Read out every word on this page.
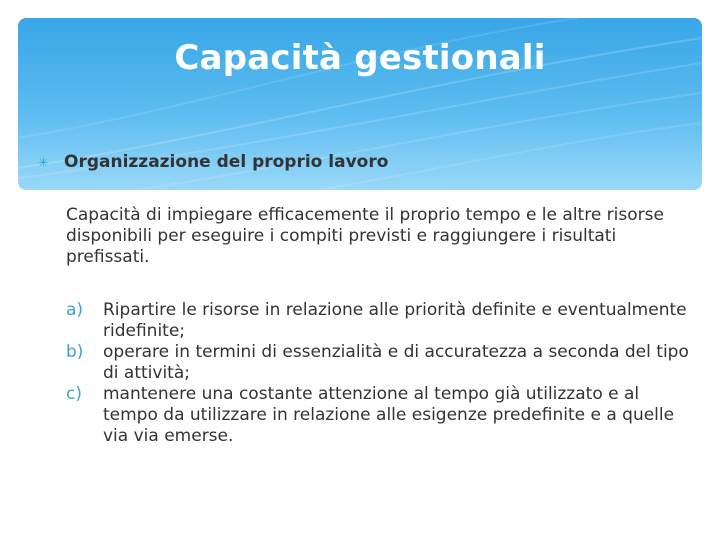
Capacità gestionali
✳ Organizzazione del proprio lavoro

Capacità di impiegare efficacemente il proprio tempo e le altre risorse disponibili per eseguire i compiti previsti e raggiungere i risultati prefissati.

a)	Ripartire le risorse in relazione alle priorità definite e eventualmente ridefinite;
b)	operare in termini di essenzialità e di accuratezza a seconda del tipo di attività;
c)	mantenere una costante attenzione al tempo già utilizzato e al tempo da utilizzare in relazione alle esigenze predefinite e a quelle via via emerse.
